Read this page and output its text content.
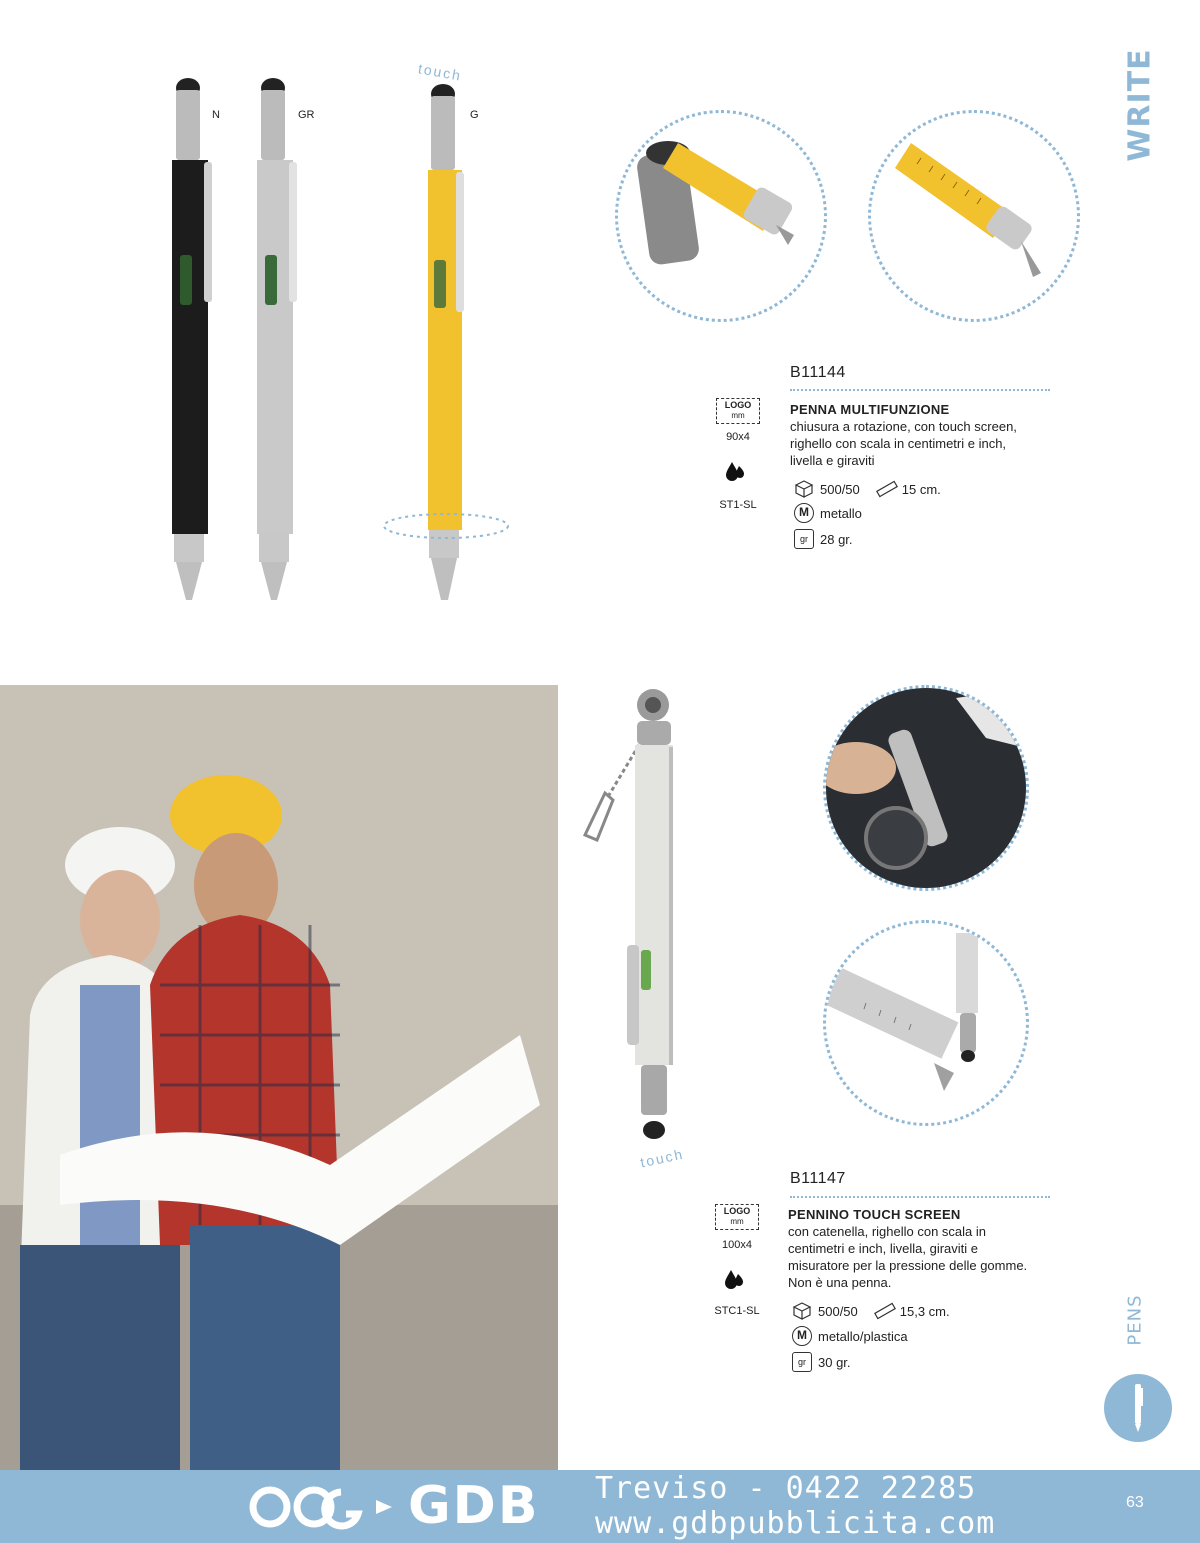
WRITE
PENS
N	GR	G
touch
B11144
PENNA MULTIFUNZIONE
chiusura a rotazione, con touch screen, righello con scala in centimetri e inch, livella e giraviti
LOGO
mm
90x4
ST1-SL
500/50	15 cm.
M metallo
gr 28 gr.
touch
B11147
PENNINO TOUCH SCREEN
con catenella, righello con scala in centimetri e inch, livella, giraviti e misuratore per la pressione delle gomme. Non è una penna.
LOGO
mm
100x4
STC1-SL	500/50	15,3 cm.
M metallo/plastica
gr 30 gr.
GDB Treviso - 0422 22285
www.gdbpubblicita.com
63
